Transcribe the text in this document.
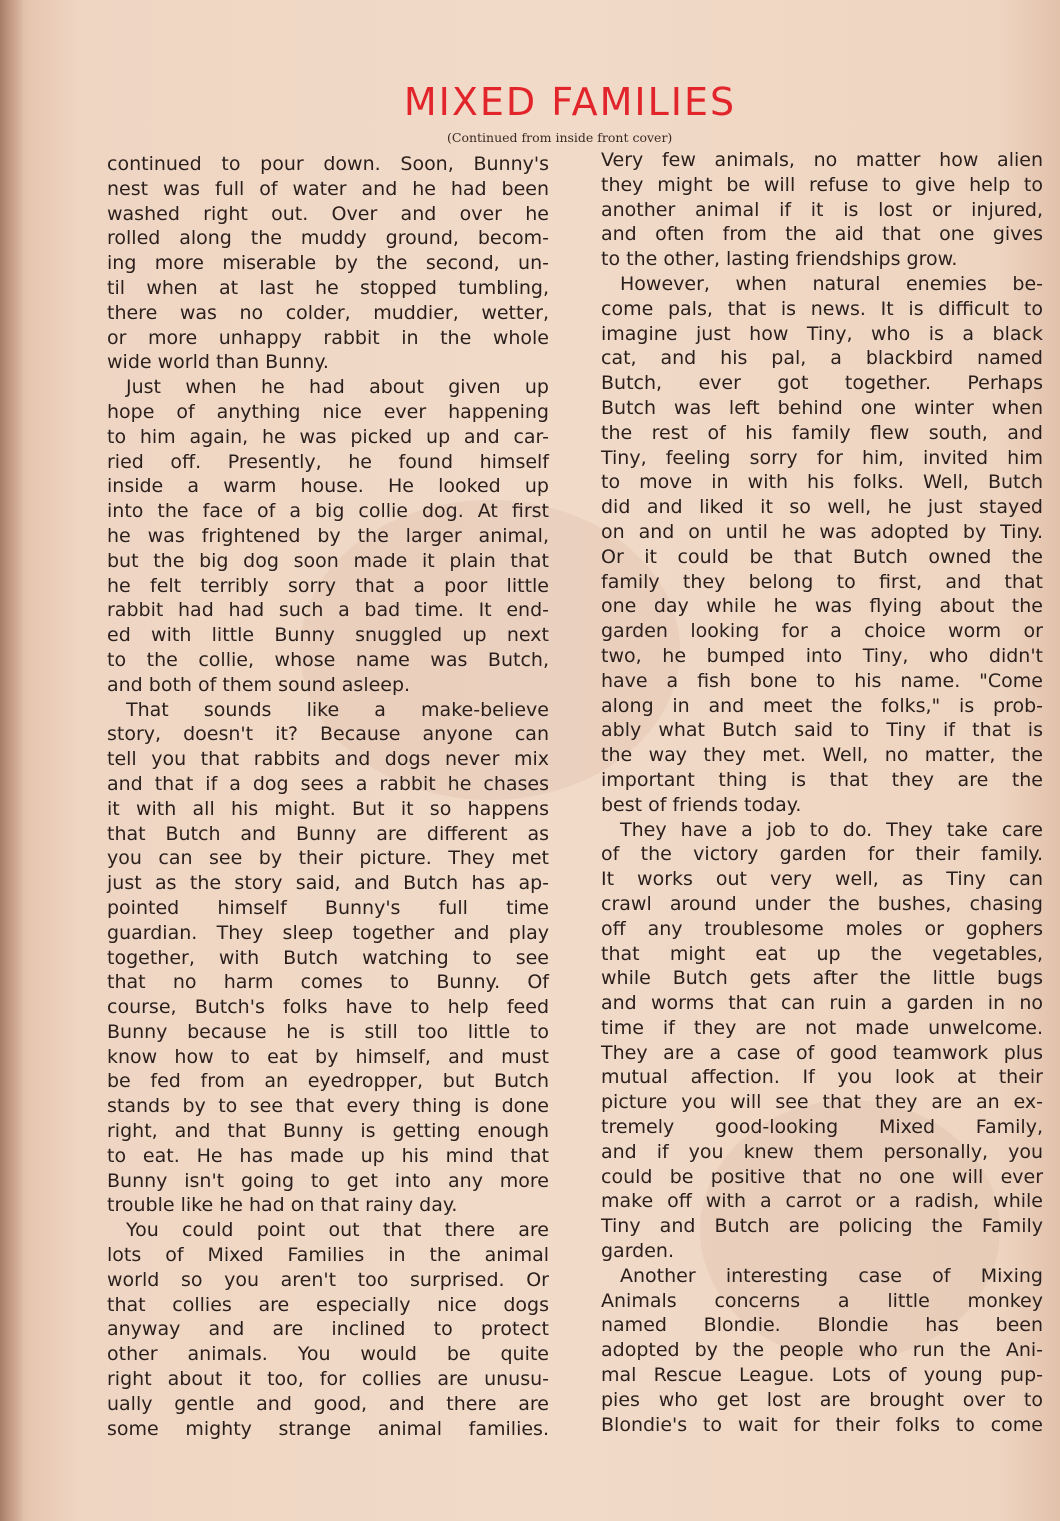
MIXED FAMILIES
(Continued from inside front cover)
continued to pour down. Soon, Bunny's
nest was full of water and he had been
washed right out. Over and over he
rolled along the muddy ground, becom-
ing more miserable by the second, un-
til when at last he stopped tumbling,
there was no colder, muddier, wetter,
or more unhappy rabbit in the whole
wide world than Bunny.
 Just when he had about given up
hope of anything nice ever happening
to him again, he was picked up and car-
ried off. Presently, he found himself
inside a warm house. He looked up
into the face of a big collie dog. At first
he was frightened by the larger animal,
but the big dog soon made it plain that
he felt terribly sorry that a poor little
rabbit had had such a bad time. It end-
ed with little Bunny snuggled up next
to the collie, whose name was Butch,
and both of them sound asleep.
 That sounds like a make-believe
story, doesn't it? Because anyone can
tell you that rabbits and dogs never mix
and that if a dog sees a rabbit he chases
it with all his might. But it so happens
that Butch and Bunny are different as
you can see by their picture. They met
just as the story said, and Butch has ap-
pointed himself Bunny's full time
guardian. They sleep together and play
together, with Butch watching to see
that no harm comes to Bunny. Of
course, Butch's folks have to help feed
Bunny because he is still too little to
know how to eat by himself, and must
be fed from an eyedropper, but Butch
stands by to see that every thing is done
right, and that Bunny is getting enough
to eat. He has made up his mind that
Bunny isn't going to get into any more
trouble like he had on that rainy day.
 You could point out that there are
lots of Mixed Families in the animal
world so you aren't too surprised. Or
that collies are especially nice dogs
anyway and are inclined to protect
other animals. You would be quite
right about it too, for collies are unusu-
ually gentle and good, and there are
some mighty strange animal families.
Very few animals, no matter how alien
they might be will refuse to give help to
another animal if it is lost or injured,
and often from the aid that one gives
to the other, lasting friendships grow.
 However, when natural enemies be-
come pals, that is news. It is difficult to
imagine just how Tiny, who is a black
cat, and his pal, a blackbird named
Butch, ever got together. Perhaps
Butch was left behind one winter when
the rest of his family flew south, and
Tiny, feeling sorry for him, invited him
to move in with his folks. Well, Butch
did and liked it so well, he just stayed
on and on until he was adopted by Tiny.
Or it could be that Butch owned the
family they belong to first, and that
one day while he was flying about the
garden looking for a choice worm or
two, he bumped into Tiny, who didn't
have a fish bone to his name. "Come
along in and meet the folks," is prob-
ably what Butch said to Tiny if that is
the way they met. Well, no matter, the
important thing is that they are the
best of friends today.
 They have a job to do. They take care
of the victory garden for their family.
It works out very well, as Tiny can
crawl around under the bushes, chasing
off any troublesome moles or gophers
that might eat up the vegetables,
while Butch gets after the little bugs
and worms that can ruin a garden in no
time if they are not made unwelcome.
They are a case of good teamwork plus
mutual affection. If you look at their
picture you will see that they are an ex-
tremely good-looking Mixed Family,
and if you knew them personally, you
could be positive that no one will ever
make off with a carrot or a radish, while
Tiny and Butch are policing the Family
garden.
 Another interesting case of Mixing
Animals concerns a little monkey
named Blondie. Blondie has been
adopted by the people who run the Ani-
mal Rescue League. Lots of young pup-
pies who get lost are brought over to
Blondie's to wait for their folks to come
